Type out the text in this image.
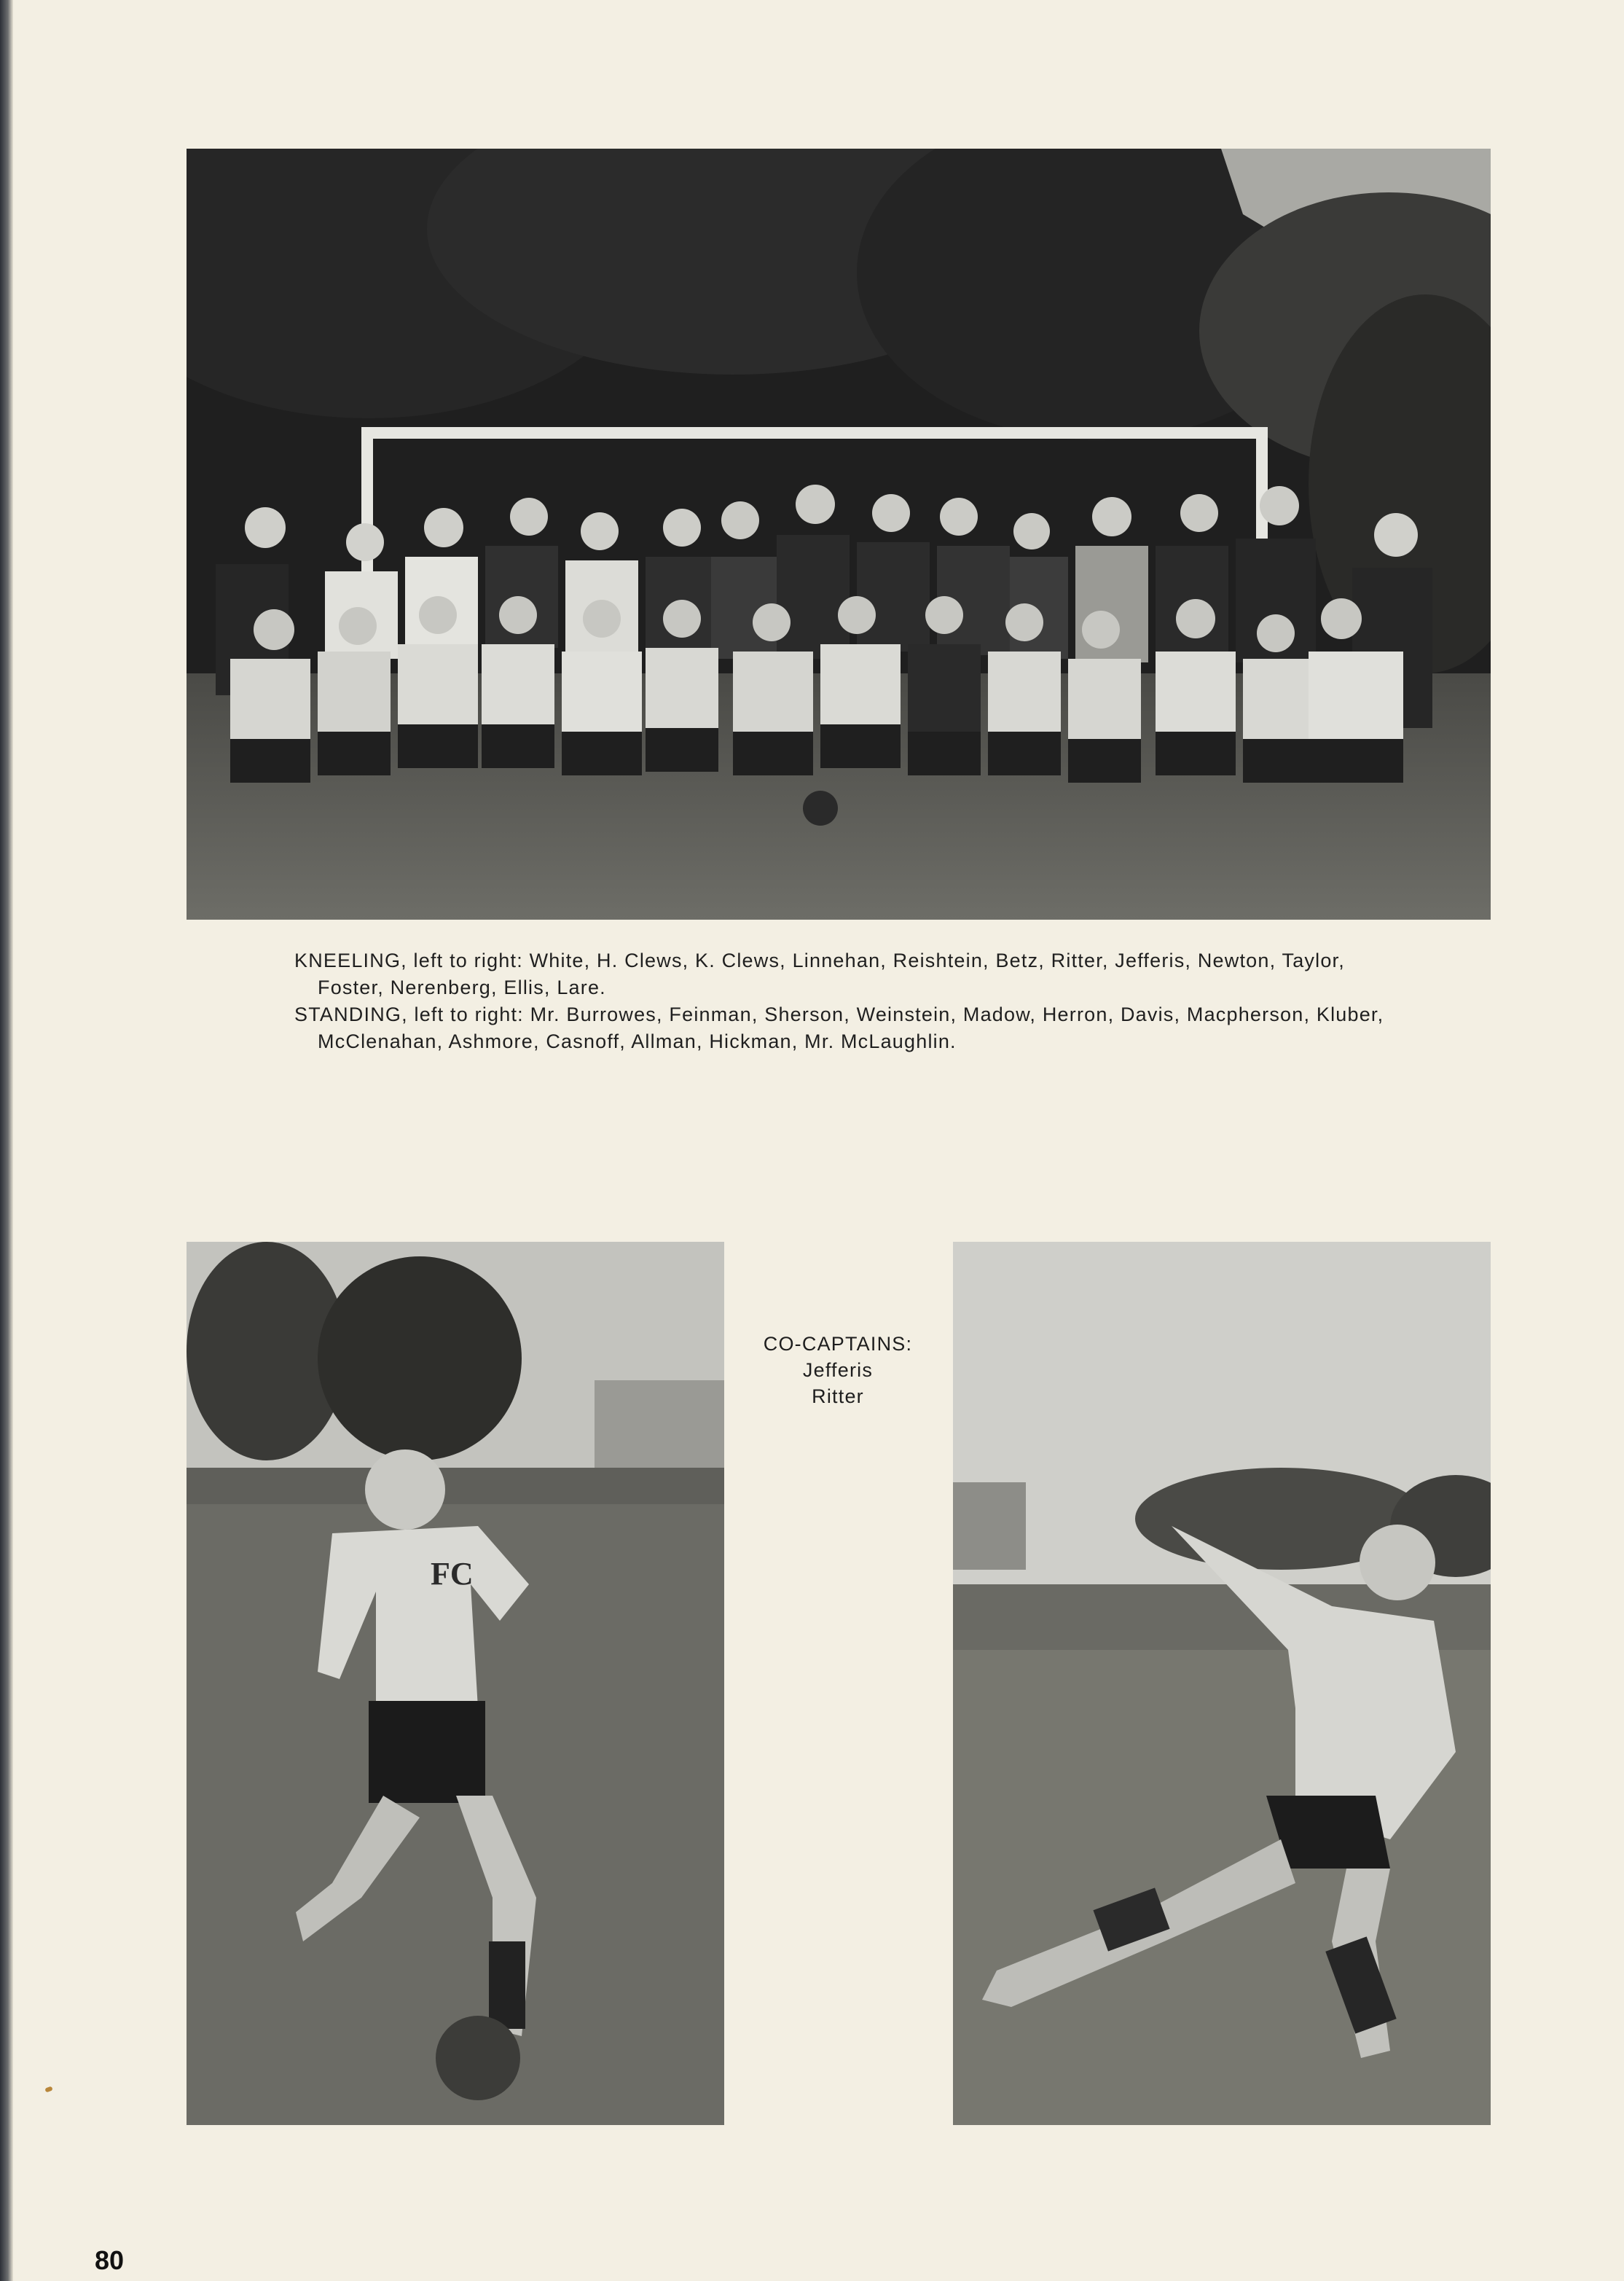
KNEELING, left to right: White, H. Clews, K. Clews, Linnehan, Reishtein, Betz, Ritter, Jefferis, Newton, Taylor, Foster, Nerenberg, Ellis, Lare.

STANDING, left to right: Mr. Burrowes, Feinman, Sherson, Weinstein, Madow, Herron, Davis, Macpherson, Kluber, McClenahan, Ashmore, Casnoff, Allman, Hickman, Mr. McLaughlin.

FC
CO-CAPTAINS:
Jefferis
Ritter
80
